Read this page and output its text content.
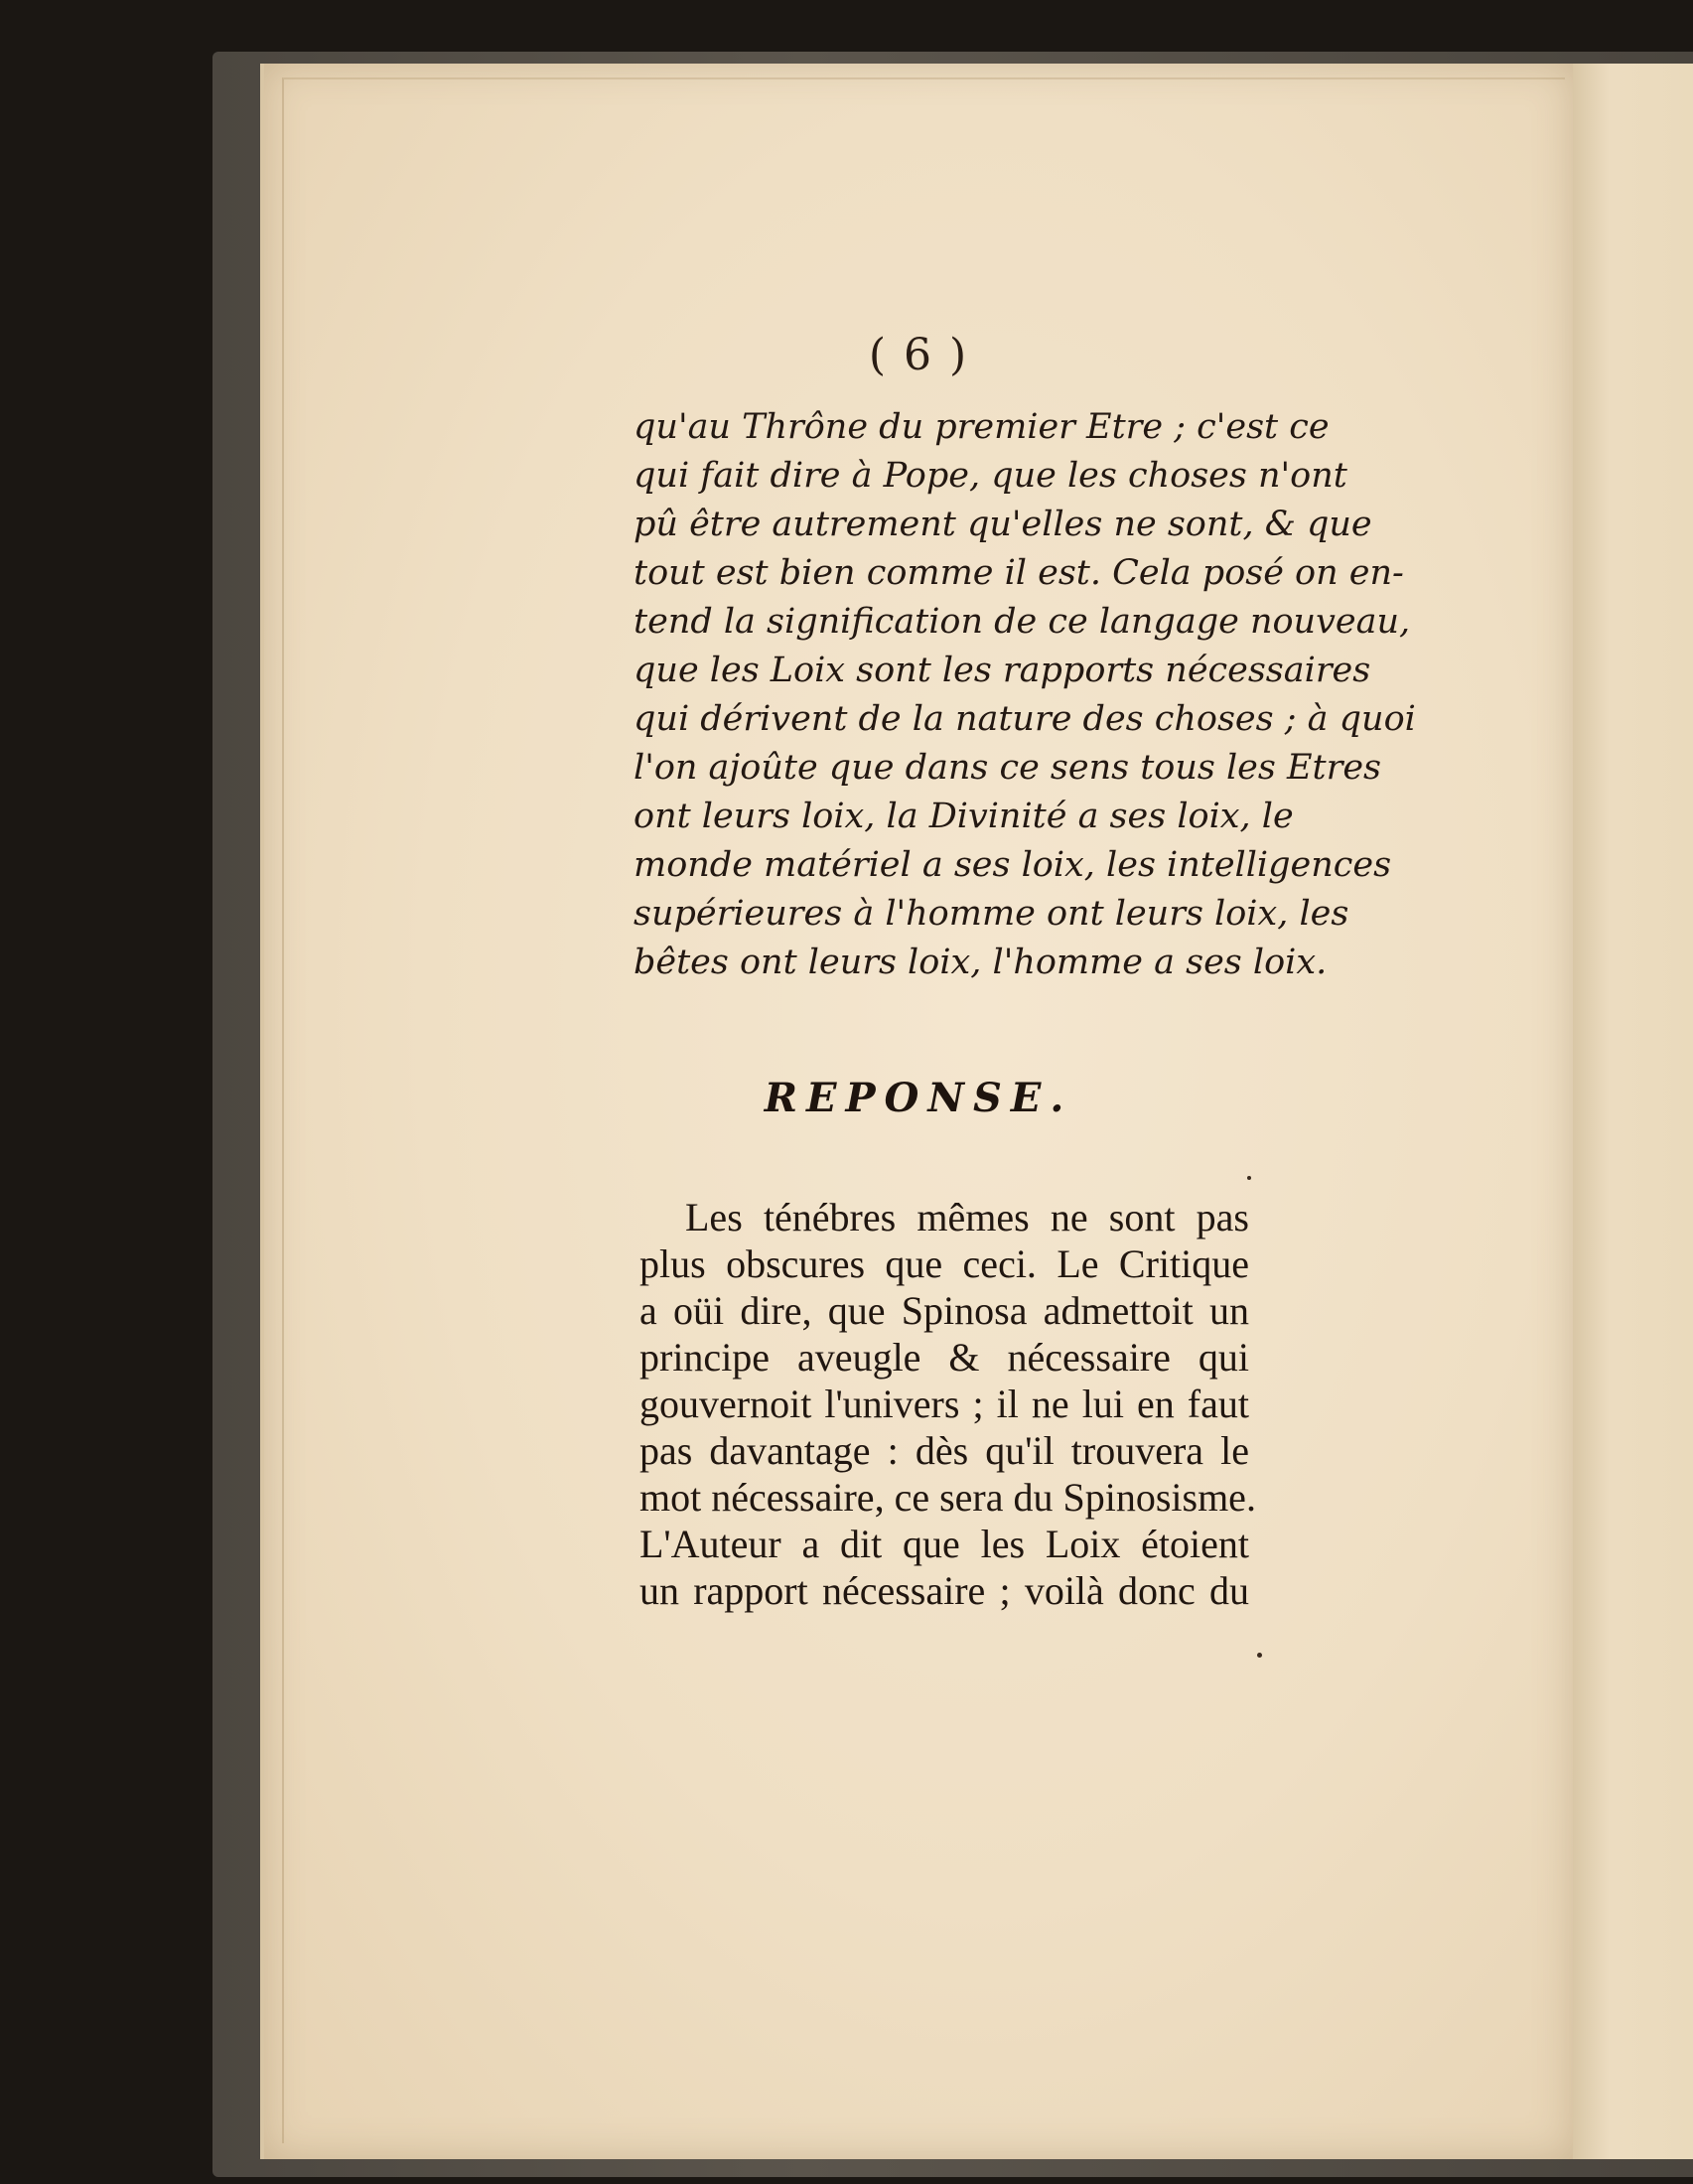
( 6 )
qu'au Thrône du premier Etre ; c'est ce
qui fait dire à Pope, que les choses n'ont
pû être autrement qu'elles ne sont, & que
tout est bien comme il est. Cela posé on en-
tend la signification de ce langage nouveau,
que les Loix sont les rapports nécessaires
qui dérivent de la nature des choses ; à quoi
l'on ajoûte que dans ce sens tous les Etres
ont leurs loix, la Divinité a ses loix, le
monde matériel a ses loix, les intelligences
supérieures à l'homme ont leurs loix, les
bêtes ont leurs loix, l'homme a ses loix.
REPONSE.
Les ténébres mêmes ne sont pas
plus obscures que ceci. Le Critique
a oüi dire, que Spinosa admettoit un
principe aveugle & nécessaire qui
gouvernoit l'univers ; il ne lui en faut
pas davantage : dès qu'il trouvera le
mot nécessaire, ce sera du Spinosisme.
L'Auteur a dit que les Loix étoient
un rapport nécessaire ; voilà donc du
